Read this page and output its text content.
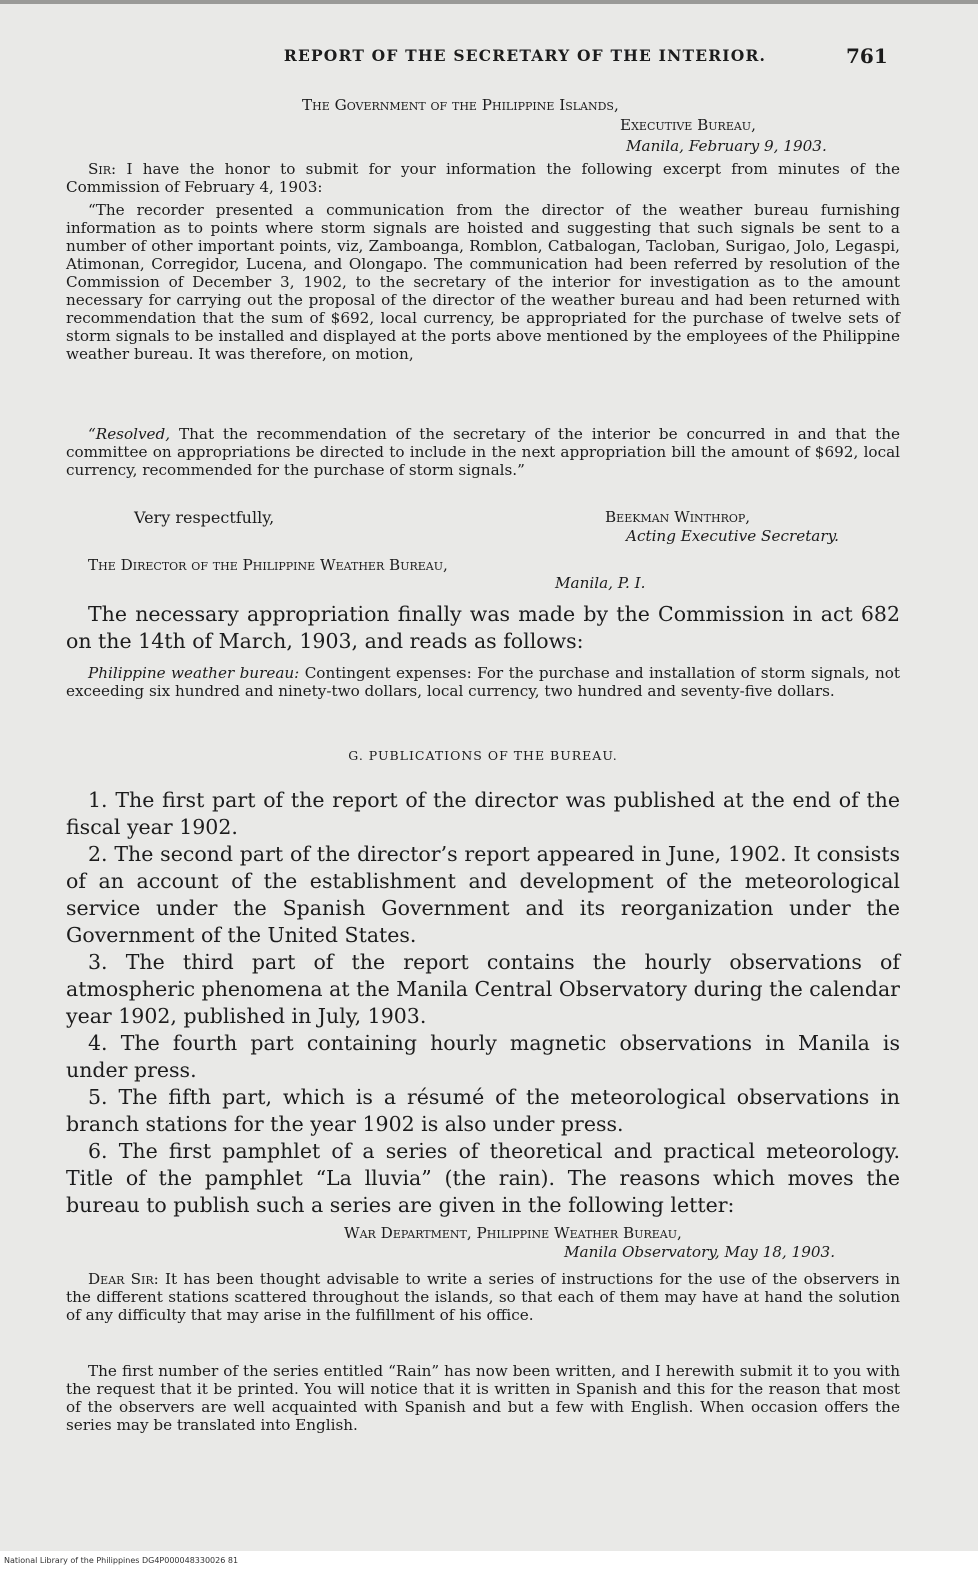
REPORT OF THE SECRETARY OF THE INTERIOR.	761
The Government of the Philippine Islands,
Executive Bureau,
Manila, February 9, 1903.

Sir: I have the honor to submit for your information the following excerpt from minutes of the Commission of February 4, 1903:

“The recorder presented a communication from the director of the weather bureau furnishing information as to points where storm signals are hoisted and suggesting that such signals be sent to a number of other important points, viz, Zamboanga, Romblon, Catbalogan, Tacloban, Surigao, Jolo, Legaspi, Atimonan, Corregidor, Lucena, and Olongapo. The communication had been referred by resolution of the Commission of December 3, 1902, to the secretary of the interior for investigation as to the amount necessary for carrying out the proposal of the director of the weather bureau and had been returned with recommendation that the sum of $692, local currency, be appropriated for the purchase of twelve sets of storm signals to be installed and displayed at the ports above mentioned by the employees of the Philippine weather bureau. It was therefore, on motion,

“Resolved, That the recommendation of the secretary of the interior be concurred in and that the committee on appropriations be directed to include in the next appropriation bill the amount of $692, local currency, recommended for the purchase of storm signals.”

Very respectfully,	Beekman Winthrop,
Acting Executive Secretary.
The Director of the Philippine Weather Bureau,
Manila, P. I.

The necessary appropriation finally was made by the Commission in act 682 on the 14th of March, 1903, and reads as follows:

Philippine weather bureau: Contingent expenses: For the purchase and installation of storm signals, not exceeding six hundred and ninety-two dollars, local currency, two hundred and seventy-five dollars.

G. PUBLICATIONS OF THE BUREAU.

1. The first part of the report of the director was published at the end of the fiscal year 1902.

2. The second part of the director’s report appeared in June, 1902. It consists of an account of the establishment and development of the meteorological service under the Spanish Government and its reorganization under the Government of the United States.

3. The third part of the report contains the hourly observations of atmospheric phenomena at the Manila Central Observatory during the calendar year 1902, published in July, 1903.

4. The fourth part containing hourly magnetic observations in Manila is under press.

5. The fifth part, which is a résumé of the meteorological observations in branch stations for the year 1902 is also under press.

6. The first pamphlet of a series of theoretical and practical meteorology. Title of the pamphlet “La lluvia” (the rain). The reasons which moves the bureau to publish such a series are given in the following letter:

War Department, Philippine Weather Bureau,
Manila Observatory, May 18, 1903.

Dear Sir: It has been thought advisable to write a series of instructions for the use of the observers in the different stations scattered throughout the islands, so that each of them may have at hand the solution of any difficulty that may arise in the fulfillment of his office.

The first number of the series entitled “Rain” has now been written, and I herewith submit it to you with the request that it be printed. You will notice that it is written in Spanish and this for the reason that most of the observers are well acquainted with Spanish and but a few with English. When occasion offers the series may be translated into English.

National Library of the Philippines DG4P000048330026 81
